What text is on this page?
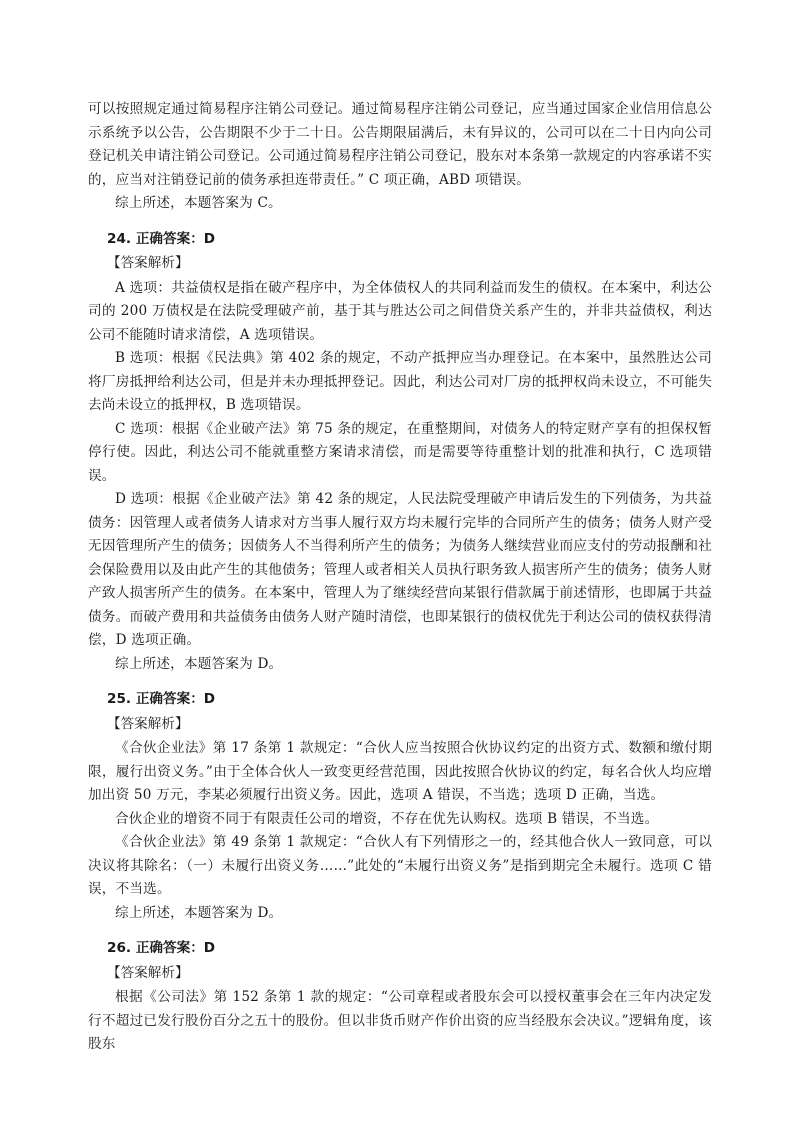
可以按照规定通过简易程序注销公司登记。通过简易程序注销公司登记，应当通过国家企业信用信息公示系统予以公告，公告期限不少于二十日。公告期限届满后，未有异议的，公司可以在二十日内向公司登记机关申请注销公司登记。公司通过简易程序注销公司登记，股东对本条第一款规定的内容承诺不实的，应当对注销登记前的债务承担连带责任。” C 项正确，ABD 项错误。

综上所述，本题答案为 C。

24. 正确答案：D
【答案解析】

A 选项：共益债权是指在破产程序中，为全体债权人的共同利益而发生的债权。在本案中，利达公司的 200 万债权是在法院受理破产前，基于其与胜达公司之间借贷关系产生的，并非共益债权，利达公司不能随时请求清偿，A 选项错误。

B 选项：根据《民法典》第 402 条的规定，不动产抵押应当办理登记。在本案中，虽然胜达公司将厂房抵押给利达公司，但是并未办理抵押登记。因此，利达公司对厂房的抵押权尚未设立，不可能失去尚未设立的抵押权，B 选项错误。

C 选项：根据《企业破产法》第 75 条的规定，在重整期间，对债务人的特定财产享有的担保权暂停行使。因此，利达公司不能就重整方案请求清偿，而是需要等待重整计划的批准和执行，C 选项错误。

D 选项：根据《企业破产法》第 42 条的规定，人民法院受理破产申请后发生的下列债务，为共益债务：因管理人或者债务人请求对方当事人履行双方均未履行完毕的合同所产生的债务；债务人财产受无因管理所产生的债务；因债务人不当得利所产生的债务；为债务人继续营业而应支付的劳动报酬和社会保险费用以及由此产生的其他债务；管理人或者相关人员执行职务致人损害所产生的债务；债务人财产致人损害所产生的债务。在本案中，管理人为了继续经营向某银行借款属于前述情形，也即属于共益债务。而破产费用和共益债务由债务人财产随时清偿，也即某银行的债权优先于利达公司的债权获得清偿，D 选项正确。

综上所述，本题答案为 D。

25. 正确答案：D
【答案解析】

《合伙企业法》第 17 条第 1 款规定：“合伙人应当按照合伙协议约定的出资方式、数额和缴付期限，履行出资义务。”由于全体合伙人一致变更经营范围，因此按照合伙协议的约定，每名合伙人均应增加出资 50 万元，李某必须履行出资义务。因此，选项 A 错误，不当选；选项 D 正确，当选。

合伙企业的增资不同于有限责任公司的增资，不存在优先认购权。选项 B 错误，不当选。

《合伙企业法》第 49 条第 1 款规定：“合伙人有下列情形之一的，经其他合伙人一致同意，可以决议将其除名：（一）未履行出资义务……”此处的“未履行出资义务”是指到期完全未履行。选项 C 错误，不当选。

综上所述，本题答案为 D。

26. 正确答案：D
【答案解析】

根据《公司法》第 152 条第 1 款的规定：“公司章程或者股东会可以授权董事会在三年内决定发行不超过已发行股份百分之五十的股份。但以非货币财产作价出资的应当经股东会决议。”逻辑角度，该股东
